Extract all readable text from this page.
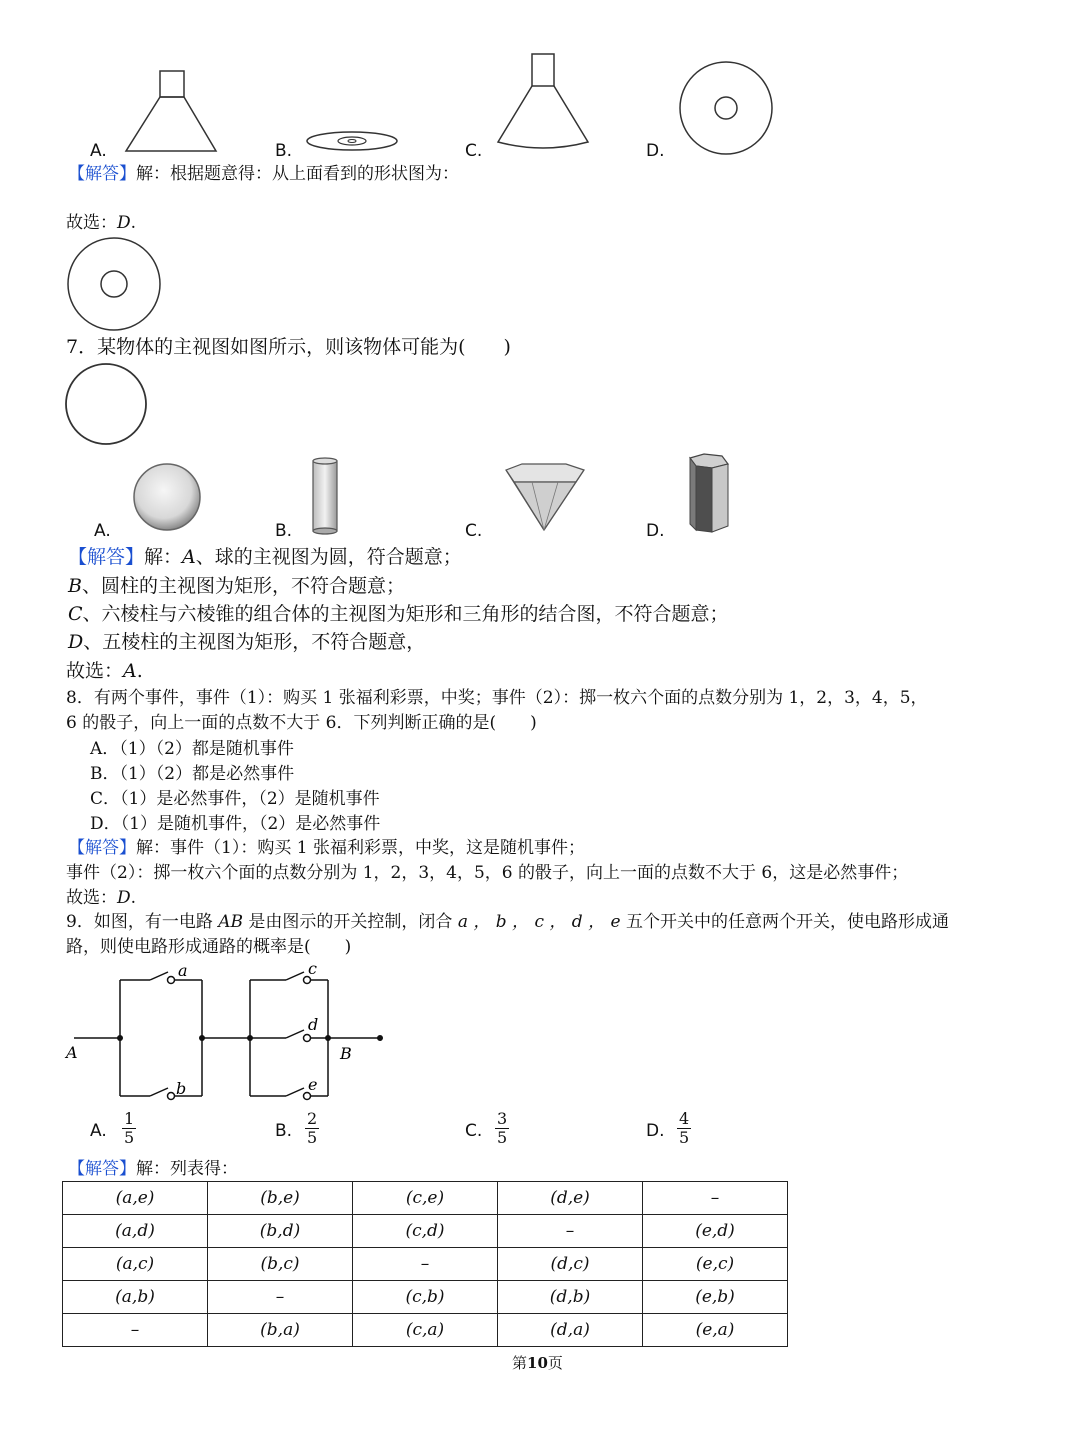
A.	B.	C.	D.
【解答】解：根据题意得：从上面看到的形状图为：
故选：D.
7．某物体的主视图如图所示，则该物体可能为(　　)
A.	B.	C.	D.
【解答】解：A、球的主视图为圆，符合题意；
B、圆柱的主视图为矩形，不符合题意；
C、六棱柱与六棱锥的组合体的主视图为矩形和三角形的结合图，不符合题意；
D、五棱柱的主视图为矩形，不符合题意，
故选：A.
8．有两个事件，事件（1）：购买 1 张福利彩票，中奖；事件（2）：掷一枚六个面的点数分别为 1，2，3，4，5，
6 的骰子，向上一面的点数不大于 6．下列判断正确的是(　　)
A．（1）（2）都是随机事件
B．（1）（2）都是必然事件
C．（1）是必然事件，（2）是随机事件
D．（1）是随机事件，（2）是必然事件
【解答】解：事件（1）：购买 1 张福利彩票，中奖，这是随机事件；
事件（2）：掷一枚六个面的点数分别为 1，2，3，4，5，6 的骰子，向上一面的点数不大于 6，这是必然事件；
故选：D.
9．如图，有一电路 AB 是由图示的开关控制，闭合 a ， b ， c ， d ， e 五个开关中的任意两个开关，使电路形成通
路，则使电路形成通路的概率是(　　)
a
b
c
d
e
A	B
A. $\frac{1}{5}$	B. $\frac{2}{5}$	C. $\frac{3}{5}$	D. $\frac{4}{5}$
【解答】解：列表得：
(a,e)	(b,e)	(c,e)	(d,e)	–
(a,d)	(b,d)	(c,d)	–	(e,d)
(a,c)	(b,c)	–	(d,c)	(e,c)
(a,b)	–	(c,b)	(d,b)	(e,b)
–	(b,a)	(c,a)	(d,a)	(e,a)
第10页
